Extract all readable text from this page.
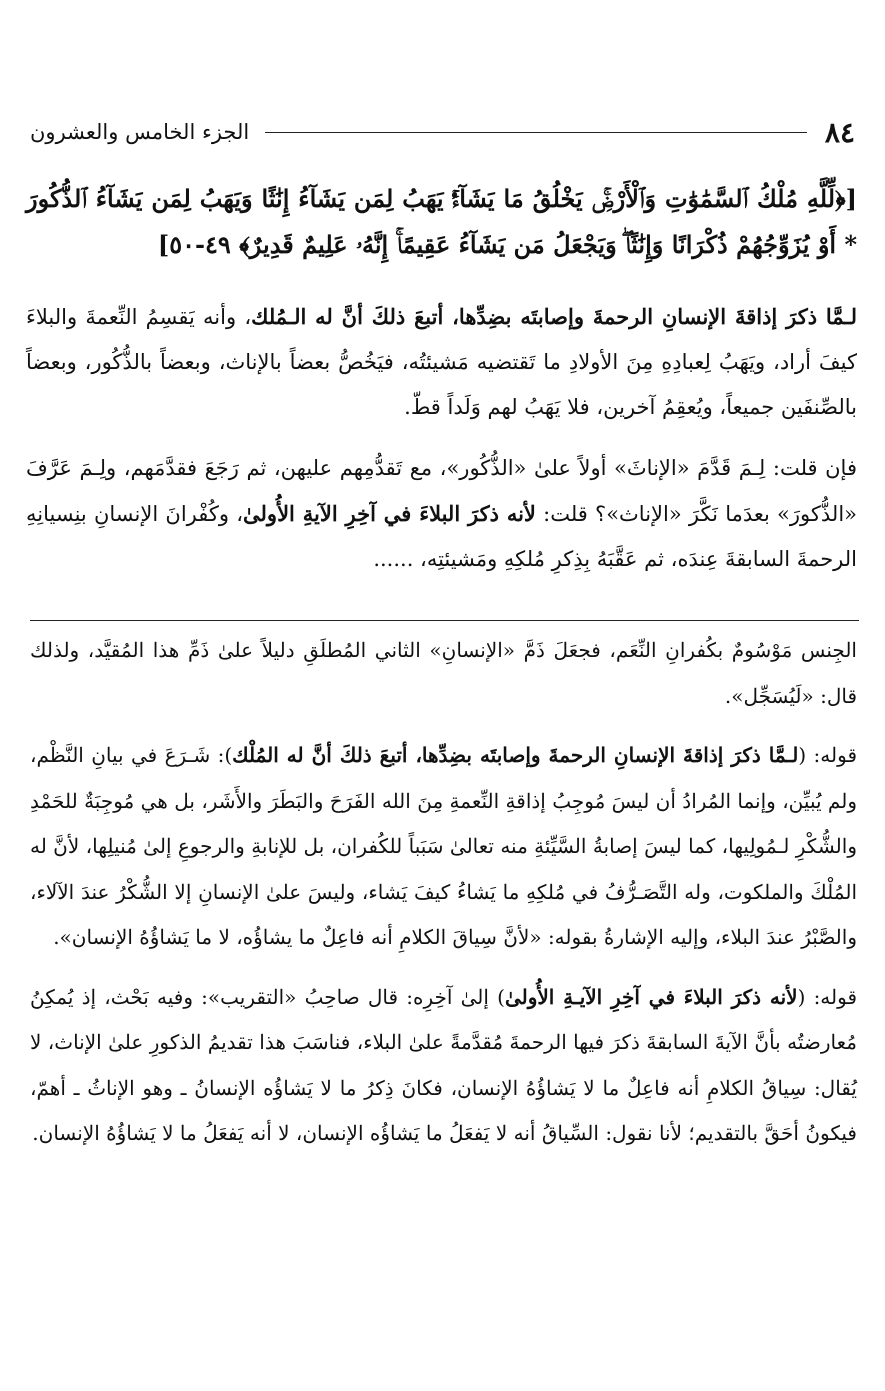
٨٤
الجزء الخامس والعشرون

[﴿لِّلَّهِ مُلْكُ ٱلسَّمَٰوَٰتِ وَٱلْأَرْضِۚ يَخْلُقُ مَا يَشَآءُۚ يَهَبُ لِمَن يَشَآءُ إِنَٰثًا وَيَهَبُ لِمَن يَشَآءُ ٱلذُّكُورَ * أَوْ يُزَوِّجُهُمْ ذُكْرَانًا وَإِنَٰثًاۖ وَيَجْعَلُ مَن يَشَآءُ عَقِيمًاۚ إِنَّهُۥ عَلِيمٌ قَدِيرٌ﴾ ٤٩-٥٠]

لـمَّا ذكرَ إذاقةَ الإنسانِ الرحمةَ وإصابتَه بضِدِّها، أتبعَ ذلكَ أنَّ له الـمُلك، وأنه يَقسِمُ النِّعمةَ والبلاءَ كيفَ أراد، ويَهَبُ لِعبادِهِ مِنَ الأولادِ ما تَقتضيه مَشيئتُه، فيَخُصُّ بعضاً بالإناث، وبعضاً بالذُّكُور، وبعضاً بالصِّنفَين جميعاً، ويُعقِمُ آخرين، فلا يَهَبُ لهم وَلَداً قطّ.

فإن قلت: لِـمَ قَدَّمَ «الإناثَ» أولاً علىٰ «الذُّكُور»، مع تَقدُّمِهم عليهن، ثم رَجَعَ فقدَّمَهم، ولِـمَ عَرَّفَ «الذُّكورَ» بعدَما نَكَّرَ «الإناث»؟ قلت: لأنه ذكرَ البلاءَ في آخِرِ الآيةِ الأُولىٰ، وكُفْرانَ الإنسانِ بنِسيانِهِ الرحمةَ السابقةَ عِندَه، ثم عَقَّبَهُ بِذِكرِ مُلكِهِ ومَشيئتِه، ......

الجِنس مَوْسُومٌ بكُفرانِ النِّعَم، فجعَلَ ذَمَّ «الإنسانِ» الثاني المُطلَقِ دليلاً علىٰ ذَمِّ هذا المُقيَّد، ولذلك قال: «لَيُسَجِّل».

قوله: (لـمَّا ذكرَ إذاقةَ الإنسانِ الرحمةَ وإصابتَه بضِدِّها، أتبعَ ذلكَ أنَّ له المُلْك): شَـرَعَ في بيانِ النَّظْم، ولم يُبيِّن، وإنما المُرادُ أن ليسَ مُوجِبُ إذاقةِ النِّعمةِ مِنَ الله الفَرَحَ والبَطَرَ والأَشَر، بل هي مُوجِبَةٌ للحَمْدِ والشُّكْرِ لـمُولِيها، كما ليسَ إصابةُ السَّيِّئةِ منه تعالىٰ سَبَباً للكُفران، بل للإنابةِ والرجوعِ إلىٰ مُنيلِها، لأنَّ له المُلْكَ والملكوت، وله التَّصَـرُّفُ في مُلكِهِ ما يَشاءُ كيفَ يَشاء، وليسَ علىٰ الإنسانِ إلا الشُّكْرُ عندَ الآلاء، والصَّبْرُ عندَ البلاء، وإليه الإشارةُ بقوله: «لأنَّ سِياقَ الكلامِ أنه فاعِلٌ ما يشاؤُه، لا ما يَشاؤُهُ الإنسان».

قوله: (لأنه ذكرَ البلاءَ في آخِرِ الآيـةِ الأُولىٰ) إلىٰ آخِرِه: قال صاحِبُ «التقريب»: وفيه بَحْث، إذ يُمكِنُ مُعارضتُه بأنَّ الآيةَ السابقةَ ذكرَ فيها الرحمةَ مُقدَّمةً علىٰ البلاء، فناسَبَ هذا تقديمُ الذكورِ علىٰ الإناث، لا يُقال: سِياقُ الكلامِ أنه فاعِلٌ ما لا يَشاؤُهُ الإنسان، فكانَ ذِكرُ ما لا يَشاؤُه الإنسانُ ـ وهو الإناثُ ـ أهمّ، فيكونُ أحَقَّ بالتقديم؛ لأنا نقول: السِّياقُ أنه لا يَفعَلُ ما يَشاؤُه الإنسان، لا أنه يَفعَلُ ما لا يَشاؤُهُ الإنسان.
